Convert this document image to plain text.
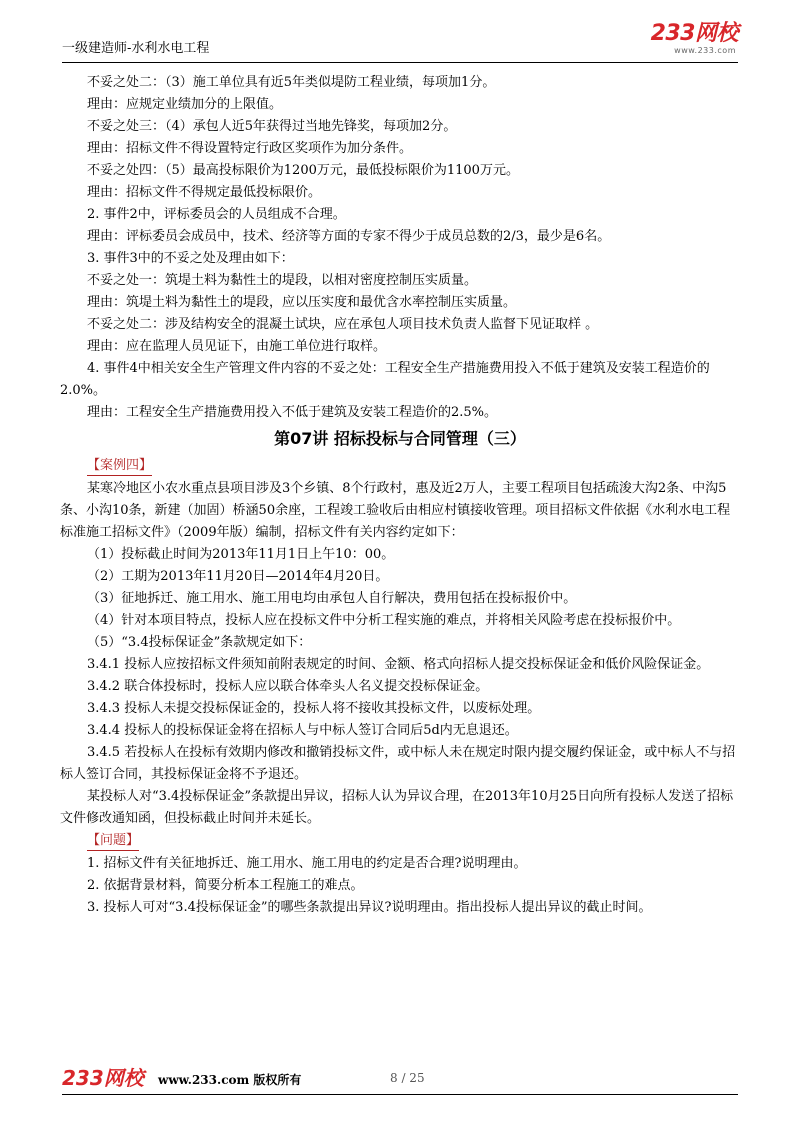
一级建造师-水利水电工程
233网校
www.233.com

不妥之处二：（3）施工单位具有近5年类似堤防工程业绩，每项加1分。

理由：应规定业绩加分的上限值。

不妥之处三：（4）承包人近5年获得过当地先锋奖，每项加2分。

理由：招标文件不得设置特定行政区奖项作为加分条件。

不妥之处四：（5）最高投标限价为1200万元，最低投标限价为1100万元。

理由：招标文件不得规定最低投标限价。

2. 事件2中，评标委员会的人员组成不合理。

理由：评标委员会成员中，技术、经济等方面的专家不得少于成员总数的2/3，最少是6名。

3. 事件3中的不妥之处及理由如下：

不妥之处一：筑堤土料为黏性土的堤段，以相对密度控制压实质量。

理由：筑堤土料为黏性土的堤段，应以压实度和最优含水率控制压实质量。

不妥之处二：涉及结构安全的混凝土试块，应在承包人项目技术负责人监督下见证取样 。

理由：应在监理人员见证下，由施工单位进行取样。

4. 事件4中相关安全生产管理文件内容的不妥之处：工程安全生产措施费用投入不低于建筑及安装工程造价的2.0%。

理由：工程安全生产措施费用投入不低于建筑及安装工程造价的2.5%。

第07讲 招标投标与合同管理（三）

【案例四】

某寒冷地区小农水重点县项目涉及3个乡镇、8个行政村，惠及近2万人，主要工程项目包括疏浚大沟2条、中沟5条、小沟10条，新建（加固）桥涵50余座，工程竣工验收后由相应村镇接收管理。项目招标文件依据《水利水电工程标准施工招标文件》（2009年版）编制，招标文件有关内容约定如下：

（1）投标截止时间为2013年11月1日上午10：00。

（2）工期为2013年11月20日—2014年4月20日。

（3）征地拆迁、施工用水、施工用电均由承包人自行解决，费用包括在投标报价中。

（4）针对本项目特点，投标人应在投标文件中分析工程实施的难点，并将相关风险考虑在投标报价中。

（5）“3.4投标保证金”条款规定如下：

3.4.1 投标人应按招标文件须知前附表规定的时间、金额、格式向招标人提交投标保证金和低价风险保证金。

3.4.2 联合体投标时，投标人应以联合体牵头人名义提交投标保证金。

3.4.3 投标人未提交投标保证金的，投标人将不接收其投标文件，以废标处理。

3.4.4 投标人的投标保证金将在招标人与中标人签订合同后5d内无息退还。

3.4.5 若投标人在投标有效期内修改和撤销投标文件，或中标人未在规定时限内提交履约保证金，或中标人不与招标人签订合同，其投标保证金将不予退还。

某投标人对“3.4投标保证金”条款提出异议，招标人认为异议合理，在2013年10月25日向所有投标人发送了招标文件修改通知函，但投标截止时间并未延长。

【问题】

1. 招标文件有关征地拆迁、施工用水、施工用电的约定是否合理?说明理由。

2. 依据背景材料，简要分析本工程施工的难点。

3. 投标人可对“3.4投标保证金”的哪些条款提出异议?说明理由。指出投标人提出异议的截止时间。

233网校 www.233.com 版权所有	8 / 25
